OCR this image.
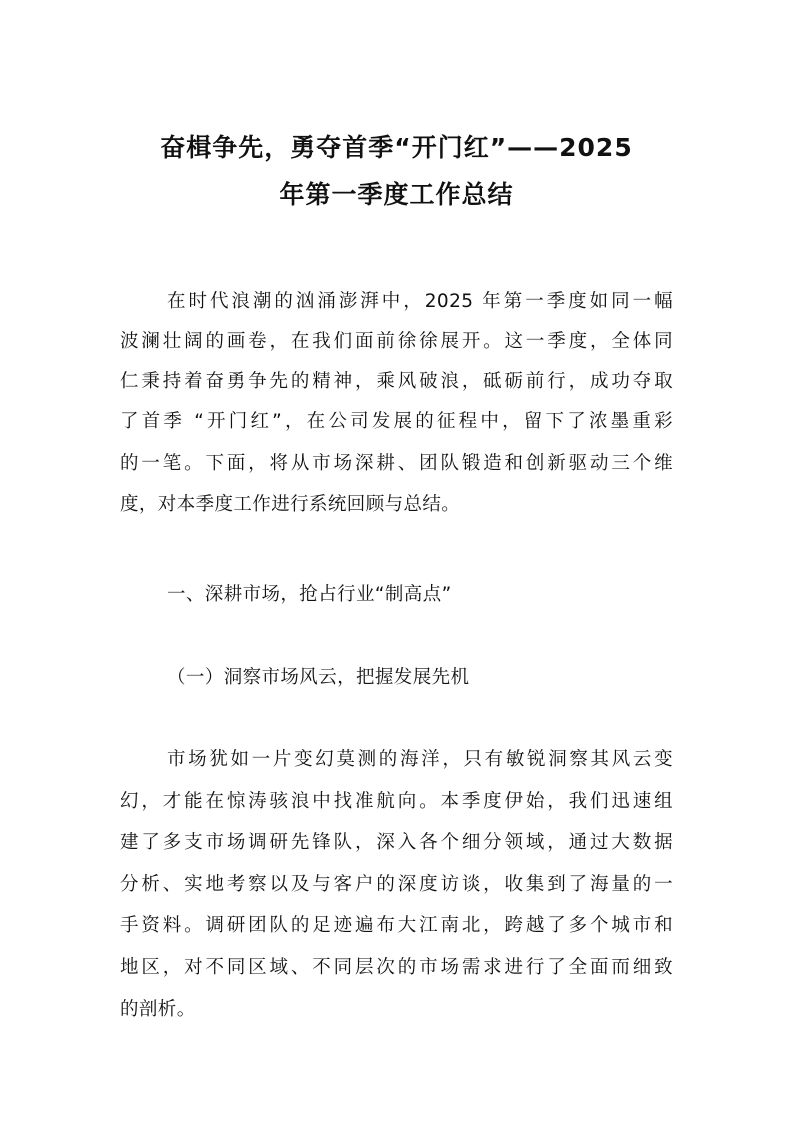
奋楫争先，勇夺首季“开门红”——2025
年第一季度工作总结
在时代浪潮的汹涌澎湃中，2025 年第一季度如同一幅
波澜壮阔的画卷，在我们面前徐徐展开。这一季度，全体同
仁秉持着奋勇争先的精神，乘风破浪，砥砺前行，成功夺取
了首季 “开门红”，在公司发展的征程中，留下了浓墨重彩
的一笔。下面，将从市场深耕、团队锻造和创新驱动三个维
度，对本季度工作进行系统回顾与总结。
一、深耕市场，抢占行业“制高点”
（一）洞察市场风云，把握发展先机
市场犹如一片变幻莫测的海洋，只有敏锐洞察其风云变
幻，才能在惊涛骇浪中找准航向。本季度伊始，我们迅速组
建了多支市场调研先锋队，深入各个细分领域，通过大数据
分析、实地考察以及与客户的深度访谈，收集到了海量的一
手资料。调研团队的足迹遍布大江南北，跨越了多个城市和
地区，对不同区域、不同层次的市场需求进行了全面而细致
的剖析。
